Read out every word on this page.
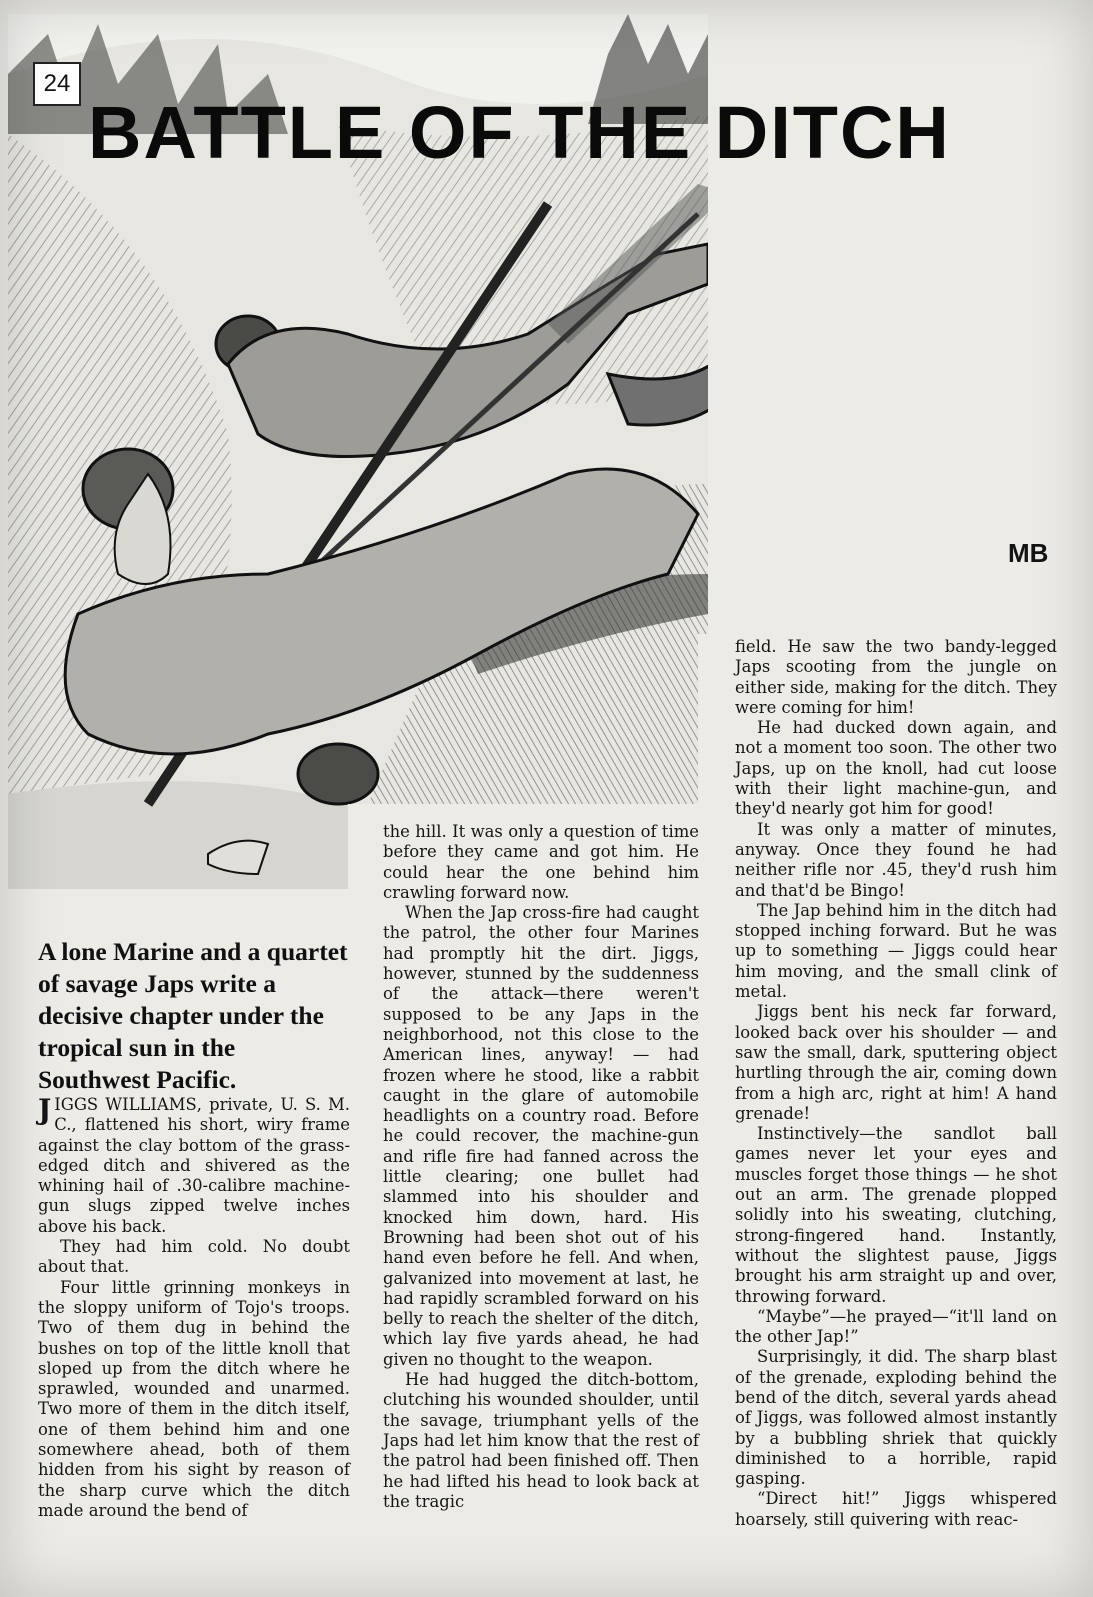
24
BATTLE OF THE DITCH
MB
A lone Marine and a quartet of savage Japs write a decisive chapter under the tropical sun in the Southwest Pacific.

JIGGS WILLIAMS, private, U. S. M. C., flattened his short, wiry frame against the clay bottom of the grass-edged ditch and shivered as the whining hail of .30-calibre machine-gun slugs zipped twelve inches above his back.

They had him cold. No doubt about that.

Four little grinning monkeys in the sloppy uniform of Tojo's troops. Two of them dug in behind the bushes on top of the little knoll that sloped up from the ditch where he sprawled, wounded and unarmed. Two more of them in the ditch itself, one of them behind him and one somewhere ahead, both of them hidden from his sight by reason of the sharp curve which the ditch made around the bend of

the hill. It was only a question of time before they came and got him. He could hear the one behind him crawling forward now.

When the Jap cross-fire had caught the patrol, the other four Marines had promptly hit the dirt. Jiggs, however, stunned by the suddenness of the attack—there weren't supposed to be any Japs in the neighborhood, not this close to the American lines, anyway! — had frozen where he stood, like a rabbit caught in the glare of automobile headlights on a country road. Before he could recover, the machine-gun and rifle fire had fanned across the little clearing; one bullet had slammed into his shoulder and knocked him down, hard. His Browning had been shot out of his hand even before he fell. And when, galvanized into movement at last, he had rapidly scrambled forward on his belly to reach the shelter of the ditch, which lay five yards ahead, he had given no thought to the weapon.

He had hugged the ditch-bottom, clutching his wounded shoulder, until the savage, triumphant yells of the Japs had let him know that the rest of the patrol had been finished off. Then he had lifted his head to look back at the tragic

field. He saw the two bandy-legged Japs scooting from the jungle on either side, making for the ditch. They were coming for him!

He had ducked down again, and not a moment too soon. The other two Japs, up on the knoll, had cut loose with their light machine-gun, and they'd nearly got him for good!

It was only a matter of minutes, anyway. Once they found he had neither rifle nor .45, they'd rush him and that'd be Bingo!

The Jap behind him in the ditch had stopped inching forward. But he was up to something — Jiggs could hear him moving, and the small clink of metal.

Jiggs bent his neck far forward, looked back over his shoulder — and saw the small, dark, sputtering object hurtling through the air, coming down from a high arc, right at him! A hand grenade!

Instinctively—the sandlot ball games never let your eyes and muscles forget those things — he shot out an arm. The grenade plopped solidly into his sweating, clutching, strong-fingered hand. Instantly, without the slightest pause, Jiggs brought his arm straight up and over, throwing forward.

“Maybe”—he prayed—“it'll land on the other Jap!”

Surprisingly, it did. The sharp blast of the grenade, exploding behind the bend of the ditch, several yards ahead of Jiggs, was followed almost instantly by a bubbling shriek that quickly diminished to a horrible, rapid gasping.

“Direct hit!” Jiggs whispered hoarsely, still quivering with reac-
